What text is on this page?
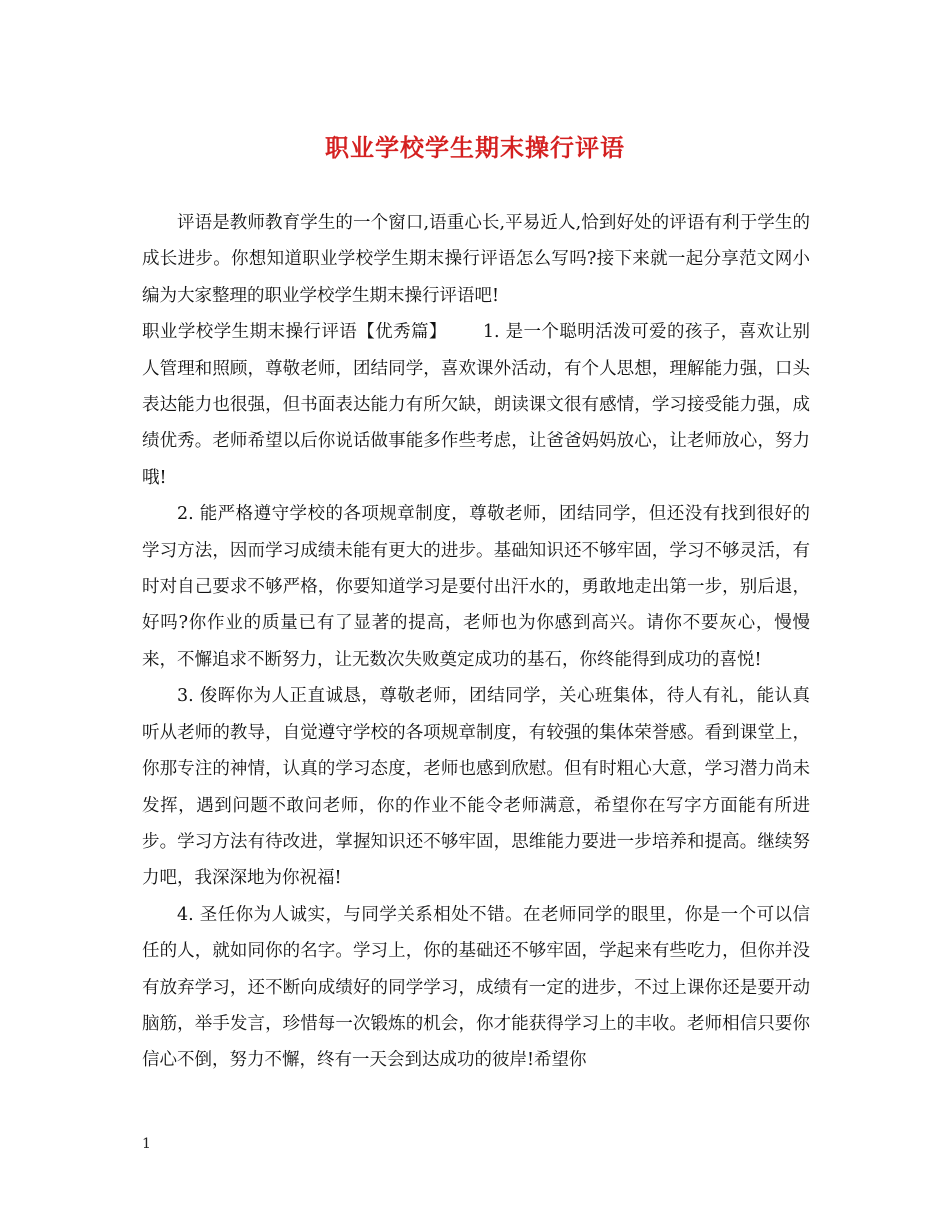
职业学校学生期末操行评语

评语是教师教育学生的一个窗口,语重心长,平易近人,恰到好处的评语有利于学生的成长进步。你想知道职业学校学生期末操行评语怎么写吗?接下来就一起分享范文网小编为大家整理的职业学校学生期末操行评语吧!

职业学校学生期末操行评语【优秀篇】 1. 是一个聪明活泼可爱的孩子，喜欢让别人管理和照顾，尊敬老师，团结同学，喜欢课外活动，有个人思想，理解能力强，口头表达能力也很强，但书面表达能力有所欠缺，朗读课文很有感情，学习接受能力强，成绩优秀。老师希望以后你说话做事能多作些考虑，让爸爸妈妈放心，让老师放心，努力哦!

2. 能严格遵守学校的各项规章制度，尊敬老师，团结同学，但还没有找到很好的学习方法，因而学习成绩未能有更大的进步。基础知识还不够牢固，学习不够灵活，有时对自己要求不够严格，你要知道学习是要付出汗水的，勇敢地走出第一步，别后退，好吗?你作业的质量已有了显著的提高，老师也为你感到高兴。请你不要灰心，慢慢来，不懈追求不断努力，让无数次失败奠定成功的基石，你终能得到成功的喜悦!

3. 俊晖你为人正直诚恳，尊敬老师，团结同学，关心班集体，待人有礼，能认真听从老师的教导，自觉遵守学校的各项规章制度，有较强的集体荣誉感。看到课堂上，你那专注的神情，认真的学习态度，老师也感到欣慰。但有时粗心大意，学习潜力尚未发挥，遇到问题不敢问老师，你的作业不能令老师满意，希望你在写字方面能有所进步。学习方法有待改进，掌握知识还不够牢固，思维能力要进一步培养和提高。继续努力吧，我深深地为你祝福!

4. 圣任你为人诚实，与同学关系相处不错。在老师同学的眼里，你是一个可以信任的人，就如同你的名字。学习上，你的基础还不够牢固，学起来有些吃力，但你并没有放弃学习，还不断向成绩好的同学学习，成绩有一定的进步，不过上课你还是要开动脑筋，举手发言，珍惜每一次锻炼的机会，你才能获得学习上的丰收。老师相信只要你信心不倒，努力不懈，终有一天会到达成功的彼岸!希望你

1
